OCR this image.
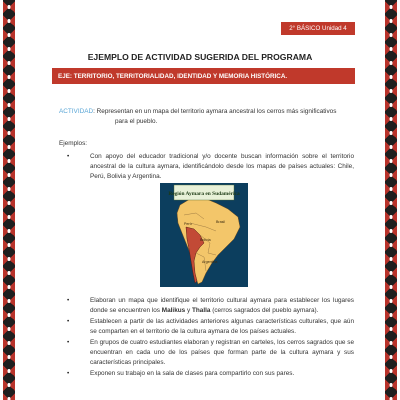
2° BÁSICO Unidad 4
EJEMPLO DE ACTIVIDAD SUGERIDA DEL PROGRAMA
EJE: TERRITORIO, TERRITORIALIDAD, IDENTIDAD Y MEMORIA HISTÓRICA.
ACTIVIDAD: Representan en un mapa del territorio aymara ancestral los cerros más significativos
para el pueblo.
Ejemplos:
• Con apoyo del educador tradicional y/o docente buscan información sobre el territorio ancestral de la cultura aymara, identificándolo desde los mapas de países actuales: Chile, Perú, Bolivia y Argentina.
Región Aymara en Sudamérica
Perú	Brasil
Bolivia
Argentina
• Elaboran un mapa que identifique el territorio cultural aymara para establecer los lugares donde se encuentren los Malikus y Thalla (cerros sagrados del pueblo aymara).
• Establecen a partir de las actividades anteriores algunas características culturales, que aún se comparten en el territorio de la cultura aymara de los países actuales.
• En grupos de cuatro estudiantes elaboran y registran en carteles, los cerros sagrados que se encuentran en cada uno de los países que forman parte de la cultura aymara y sus características principales.
• Exponen su trabajo en la sala de clases para compartirlo con sus pares.
